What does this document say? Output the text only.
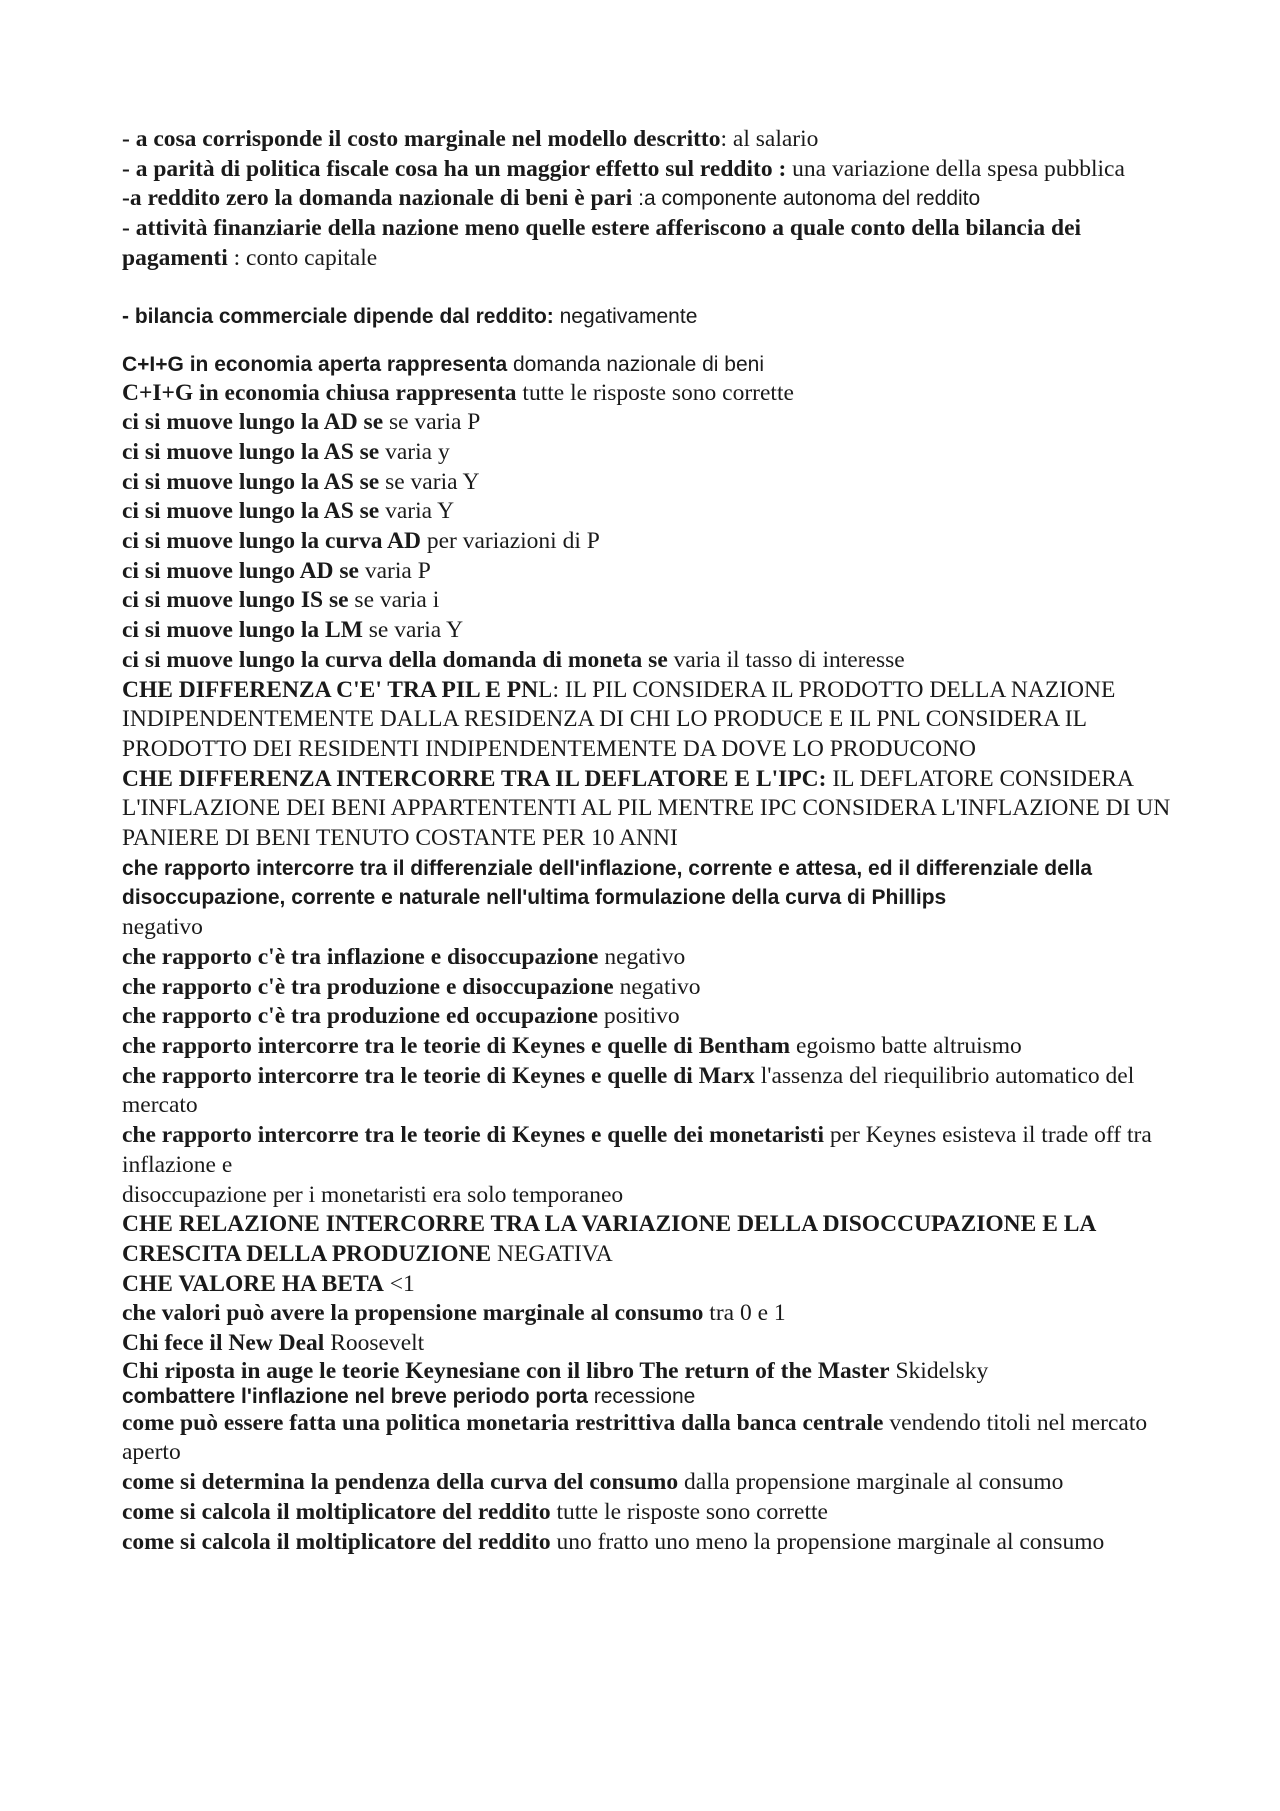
- a cosa corrisponde il costo marginale nel modello descritto: al salario

- a parità di politica fiscale cosa ha un maggior effetto sul reddito : una variazione della spesa pubblica

-a reddito zero la domanda nazionale di beni è pari :a componente autonoma del reddito

- attività finanziarie della nazione meno quelle estere afferiscono a quale conto della bilancia dei pagamenti : conto capitale

- bilancia commerciale dipende dal reddito: negativamente

C+I+G in economia aperta rappresenta domanda nazionale di beni

C+I+G in economia chiusa rappresenta tutte le risposte sono corrette

ci si muove lungo la AD se se varia P

ci si muove lungo la AS se varia y

ci si muove lungo la AS se se varia Y

ci si muove lungo la AS se varia Y

ci si muove lungo la curva AD per variazioni di P

ci si muove lungo AD se varia P

ci si muove lungo IS se se varia i

ci si muove lungo la LM se varia Y

ci si muove lungo la curva della domanda di moneta se varia il tasso di interesse

CHE DIFFERENZA C'E' TRA PIL E PNL: IL PIL CONSIDERA IL PRODOTTO DELLA NAZIONE INDIPENDENTEMENTE DALLA RESIDENZA DI CHI LO PRODUCE E IL PNL CONSIDERA IL PRODOTTO DEI RESIDENTI INDIPENDENTEMENTE DA DOVE LO PRODUCONO

CHE DIFFERENZA INTERCORRE TRA IL DEFLATORE E L'IPC: IL DEFLATORE CONSIDERA L'INFLAZIONE DEI BENI APPARTENTENTI AL PIL MENTRE IPC CONSIDERA L'INFLAZIONE DI UN PANIERE DI BENI TENUTO COSTANTE PER 10 ANNI

che rapporto intercorre tra il differenziale dell'inflazione, corrente e attesa, ed il differenziale della disoccupazione, corrente e naturale nell'ultima formulazione della curva di Phillips
negativo

che rapporto c'è tra inflazione e disoccupazione negativo

che rapporto c'è tra produzione e disoccupazione negativo

che rapporto c'è tra produzione ed occupazione positivo

che rapporto intercorre tra le teorie di Keynes e quelle di Bentham egoismo batte altruismo

che rapporto intercorre tra le teorie di Keynes e quelle di Marx l'assenza del riequilibrio automatico del mercato

che rapporto intercorre tra le teorie di Keynes e quelle dei monetaristi per Keynes esisteva il trade off tra inflazione e

disoccupazione per i monetaristi era solo temporaneo

CHE RELAZIONE INTERCORRE TRA LA VARIAZIONE DELLA DISOCCUPAZIONE E LA CRESCITA DELLA PRODUZIONE NEGATIVA

CHE VALORE HA BETA <1

che valori può avere la propensione marginale al consumo tra 0 e 1

Chi fece il New Deal Roosevelt

Chi riposta in auge le teorie Keynesiane con il libro The return of the Master Skidelsky

combattere l'inflazione nel breve periodo porta recessione

come può essere fatta una politica monetaria restrittiva dalla banca centrale vendendo titoli nel mercato aperto

come si determina la pendenza della curva del consumo dalla propensione marginale al consumo

come si calcola il moltiplicatore del reddito tutte le risposte sono corrette

come si calcola il moltiplicatore del reddito uno fratto uno meno la propensione marginale al consumo
